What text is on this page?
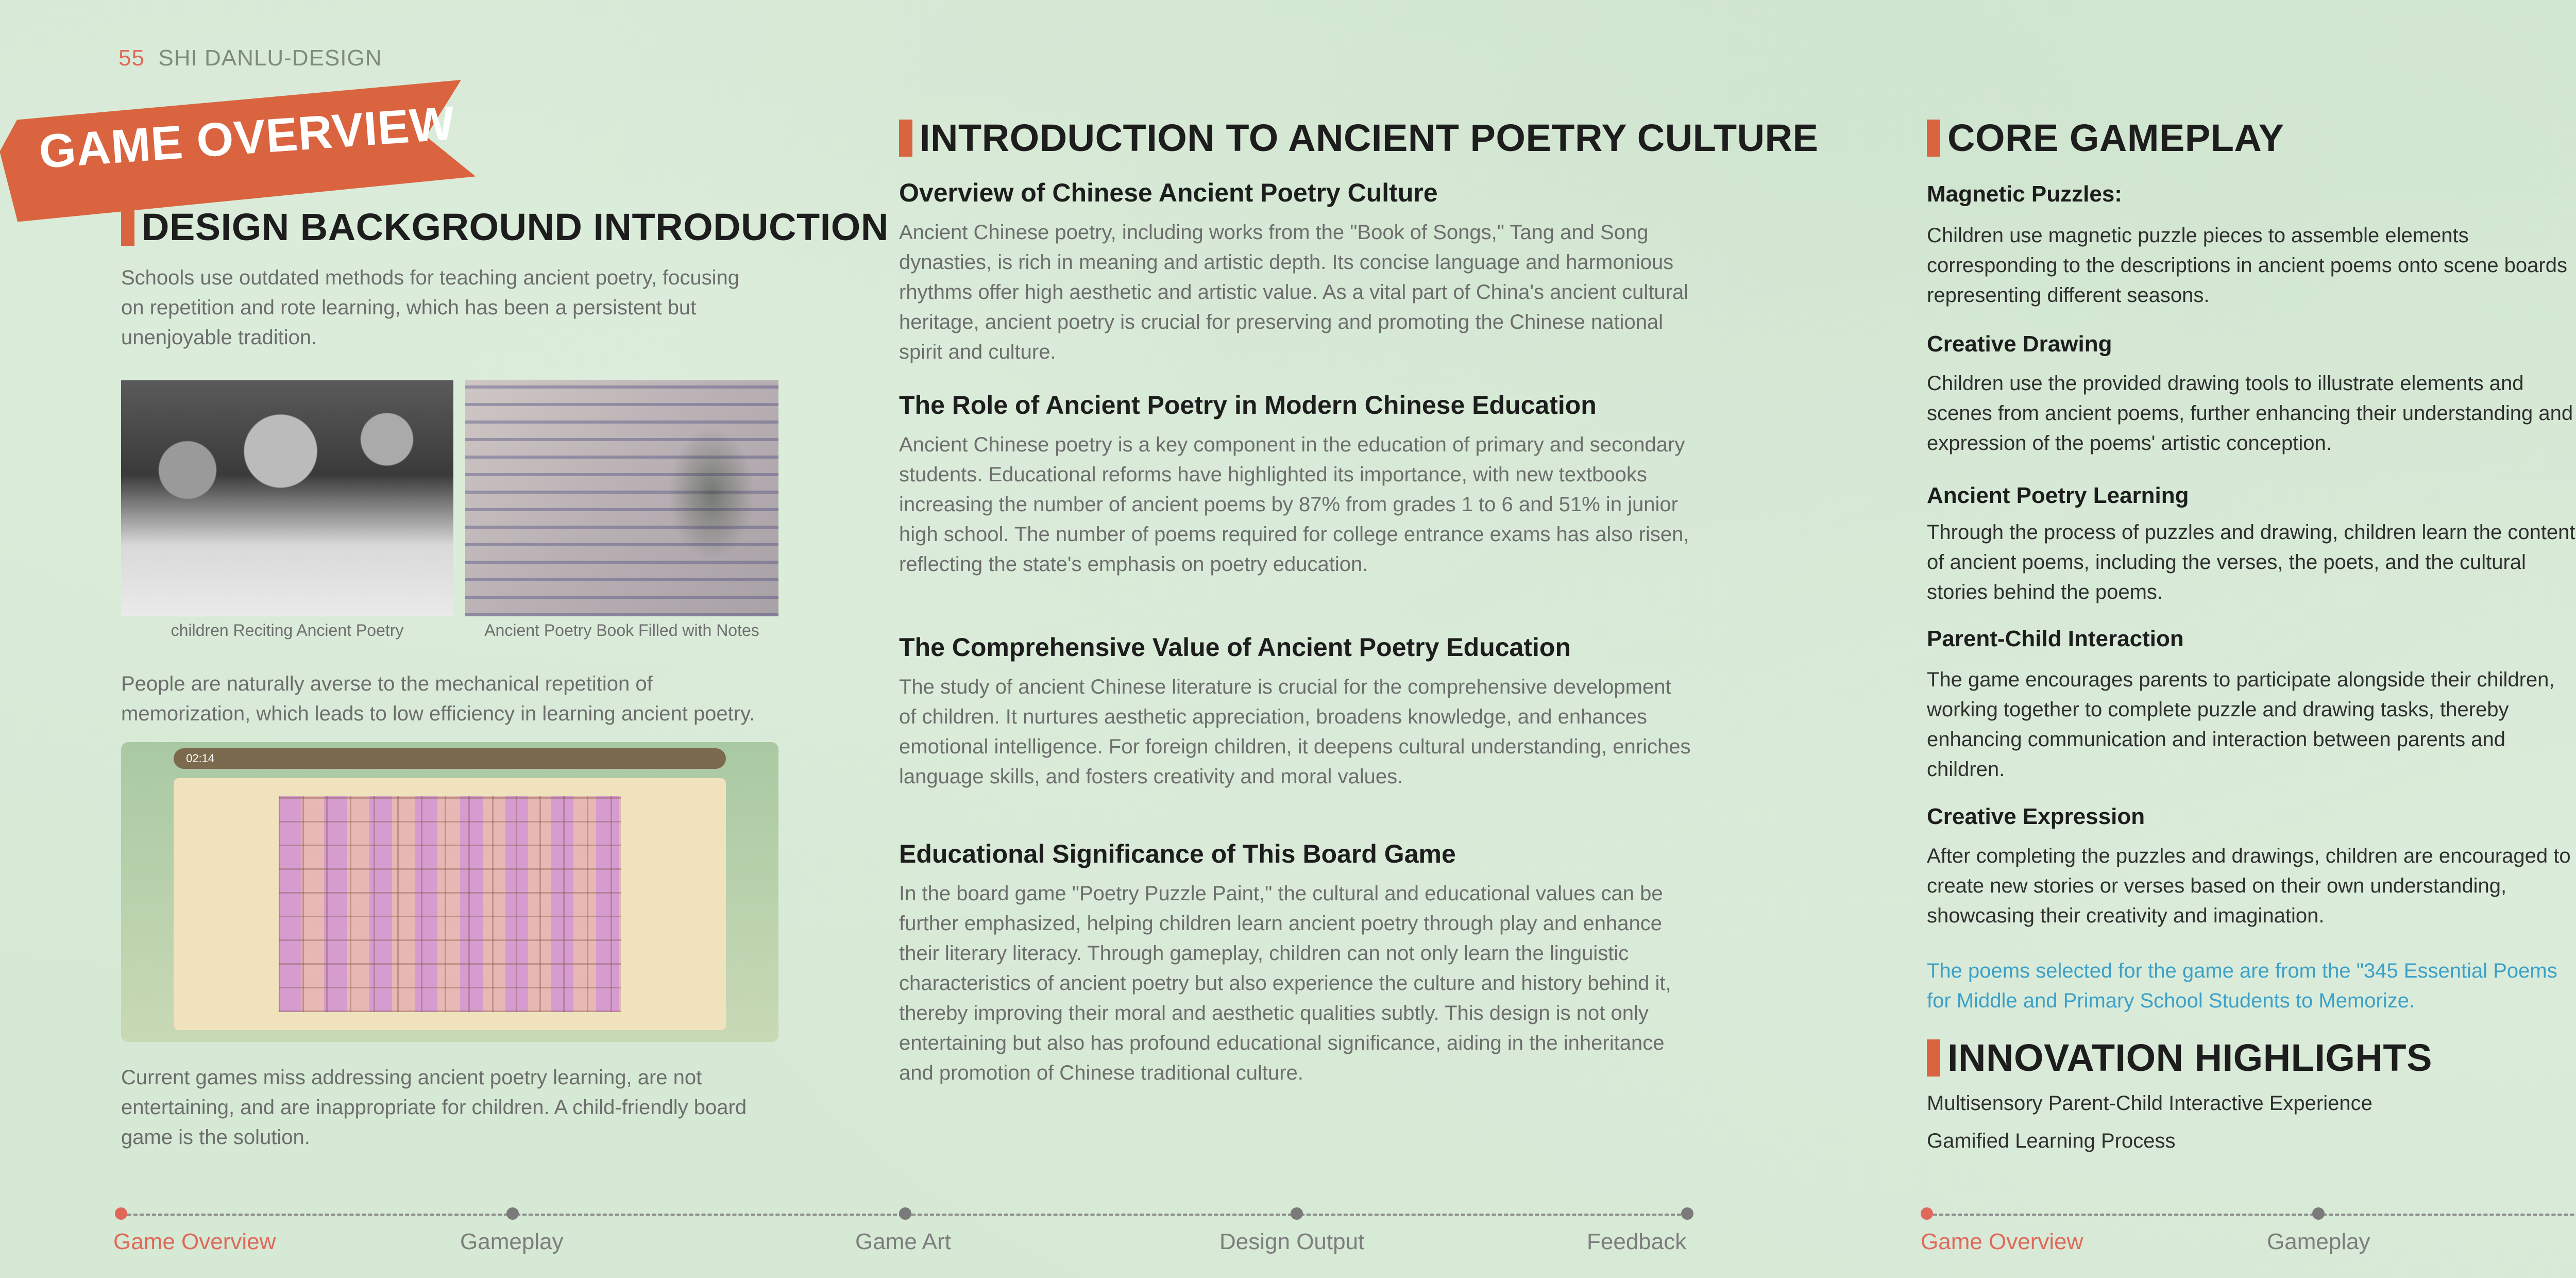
55 SHI DANLU-DESIGN
GAME OVERVIEW
DESIGN BACKGROUND INTRODUCTION
Schools use outdated methods for teaching ancient poetry, focusing on repetition and rote learning, which has been a persistent but unenjoyable tradition.
children Reciting Ancient Poetry	Ancient Poetry Book Filled with Notes
People are naturally averse to the mechanical repetition of memorization, which leads to low efficiency in learning ancient poetry.
02:14
Current games miss addressing ancient poetry learning, are not entertaining, and are inappropriate for children. A child-friendly board game is the solution.
INTRODUCTION TO ANCIENT POETRY CULTURE
Overview of Chinese Ancient Poetry Culture
Ancient Chinese poetry, including works from the "Book of Songs," Tang and Song dynasties, is rich in meaning and artistic depth. Its concise language and harmonious rhythms offer high aesthetic and artistic value. As a vital part of China's ancient cultural heritage, ancient poetry is crucial for preserving and promoting the Chinese national spirit and culture.
The Role of Ancient Poetry in Modern Chinese Education
Ancient Chinese poetry is a key component in the education of primary and secondary students. Educational reforms have highlighted its importance, with new textbooks increasing the number of ancient poems by 87% from grades 1 to 6 and 51% in junior high school. The number of poems required for college entrance exams has also risen, reflecting the state's emphasis on poetry education.
The Comprehensive Value of Ancient Poetry Education
The study of ancient Chinese literature is crucial for the comprehensive development of children. It nurtures aesthetic appreciation, broadens knowledge, and enhances emotional intelligence. For foreign children, it deepens cultural understanding, enriches language skills, and fosters creativity and moral values.
Educational Significance of This Board Game
In the board game "Poetry Puzzle Paint," the cultural and educational values can be further emphasized, helping children learn ancient poetry through play and enhance their literary literacy. Through gameplay, children can not only learn the linguistic characteristics of ancient poetry but also experience the culture and history behind it, thereby improving their moral and aesthetic qualities subtly. This design is not only entertaining but also has profound educational significance, aiding in the inheritance and promotion of Chinese traditional culture.

CORE GAMEPLAY
Magnetic Puzzles:
Children use magnetic puzzle pieces to assemble elements corresponding to the descriptions in ancient poems onto scene boards representing different seasons.
Creative Drawing
Children use the provided drawing tools to illustrate elements and scenes from ancient poems, further enhancing their understanding and expression of the poems' artistic conception.
Ancient Poetry Learning
Through the process of puzzles and drawing, children learn the content of ancient poems, including the verses, the poets, and the cultural stories behind the poems.
Parent-Child Interaction
The game encourages parents to participate alongside their children, working together to complete puzzle and drawing tasks, thereby enhancing communication and interaction between parents and children.
Creative Expression
After completing the puzzles and drawings, children are encouraged to create new stories or verses based on their own understanding, showcasing their creativity and imagination.
The poems selected for the game are from the "345 Essential Poems for Middle and Primary School Students to Memorize.
INNOVATION HIGHLIGHTS
Multisensory Parent-Child Interactive Experience
Gamified Learning Process
Game Overview	Gameplay	Game Art	Design Output	Feedback	Game Overview	Gameplay
